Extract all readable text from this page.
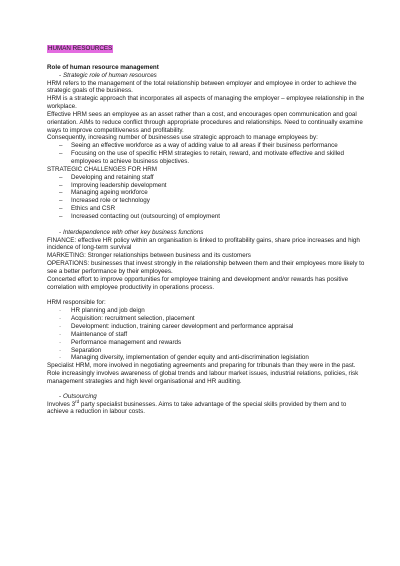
HUMAN RESOURCES

Role of human resource management

- Strategic role of human resources

HRM refers to the management of the total relationship between employer and employee in order to achieve the strategic goals of the business.

HRM is a strategic approach that incorporates all aspects of managing the employer – employee relationship in the workplace.

Effective HRM sees an employee as an asset rather than a cost, and encourages open communication and goal orientation. AIMs to reduce conflict through appropriate procedures and relationships. Need to continually examine ways to improve competitiveness and profitability.

Consequently, increasing number of businesses use strategic approach to manage employees by:

– Seeing an effective workforce as a way of adding value to all areas if their business performance
– Focusing on the use of specific HRM strategies to retain, reward, and motivate effective and skilled employees to achieve business objectives.

STRATEGIC CHALLENGES FOR HRM

– Developing and retaining staff
– Improving leadership development
– Managing ageing workforce
– Increased role or technology
– Ethics and CSR
– Increased contacting out (outsourcing) of employment

- Interdependence with other key business functions

FINANCE: effective HR policy within an organisation is linked to profitability gains, share price increases and high incidence of long-term survival

MARKETING: Stronger relationships between business and its customers

OPERATIONS: businesses that invest strongly in the relationship between them and their employees more likely to see a better performance by their employees.

Concerted effort to improve opportunities for employee training and development and/or rewards has positive correlation with employee productivity in operations process.

HRM responsible for:

· HR planning and job deign
· Acquisition: recruitment selection, placement
· Development: induction, training career development and performance appraisal
· Maintenance of staff
· Performance management and rewards
· Separation
· Managing diversity, implementation of gender equity and anti-discrimination legislation

Specialist HRM, more involved in negotiating agreements and preparing for tribunals than they were in the past.

Role increasingly involves awareness of global trends and labour market issues, industrial relations, policies, risk management strategies and high level organisational and HR auditing.

- Outsourcing

Involves 3rd party specialist businesses. Aims to take advantage of the special skills provided by them and to achieve a reduction in labour costs.
